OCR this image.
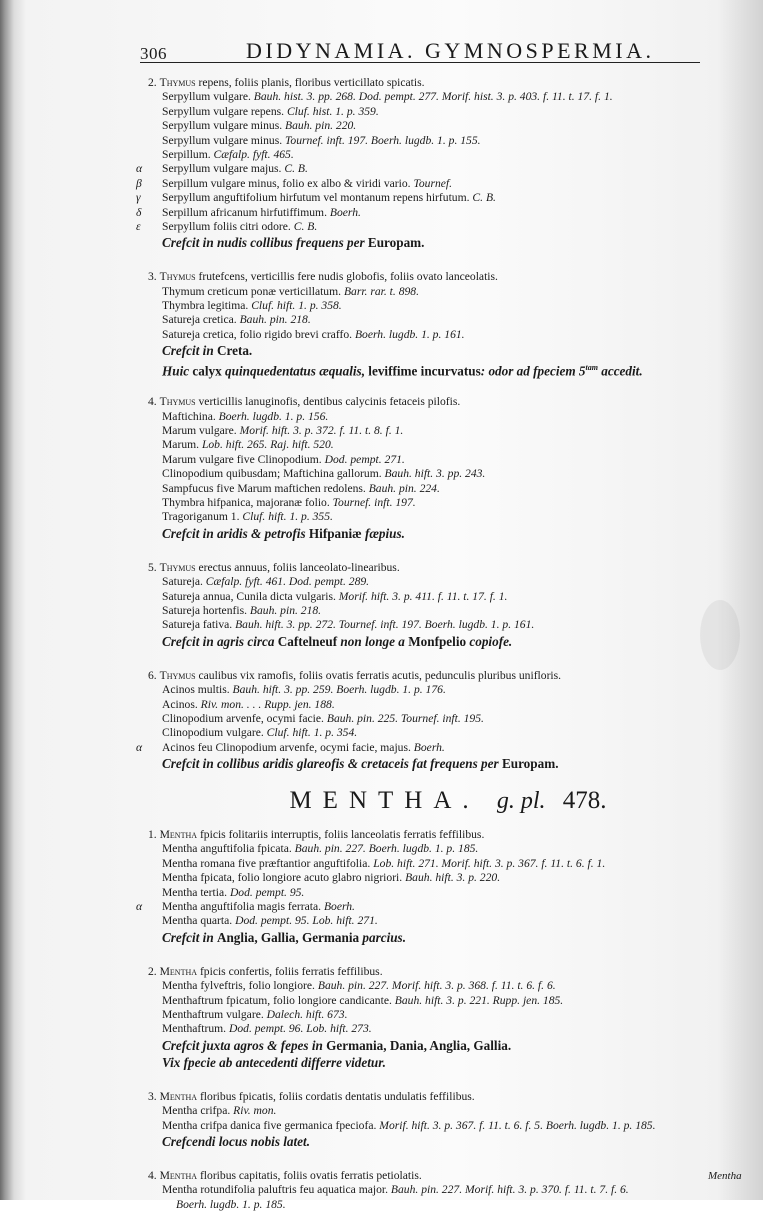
306	DIDYNAMIA. GYMNOSPERMIA.
2. Thymus repens, foliis planis, floribus verticillato spicatis.
Serpyllum vulgare. Bauh. hist. 3. pp. 268. Dod. pempt. 277. Morif. hist. 3. p. 403. f. 11. t. 17. f. 1.
Serpyllum vulgare repens. Cluf. hist. 1. p. 359.
Serpyllum vulgare minus. Bauh. pin. 220.
Serpyllum vulgare minus. Tournef. inft. 197. Boerh. lugdb. 1. p. 155.
Serpillum. Cæfalp. fyft. 465.
α Serpyllum vulgare majus. C. B.
β Serpillum vulgare minus, folio ex albo & viridi vario. Tournef.
γ Serpyllum anguftifolium hirfutum vel montanum repens hirfutum. C. B.
δ Serpillum africanum hirfutiffimum. Boerh.
ε Serpyllum foliis citri odore. C. B.
Crefcit in nudis collibus frequens per Europam.
3. Thymus frutefcens, verticillis fere nudis globofis, foliis ovato lanceolatis.
Thymum creticum ponæ verticillatum. Barr. rar. t. 898.
Thymbra legitima. Cluf. hift. 1. p. 358.
Satureja cretica. Bauh. pin. 218.
Satureja cretica, folio rigido brevi craffo. Boerh. lugdb. 1. p. 161.
Crefcit in Creta.
Huic calyx quinquedentatus æqualis, leviffime incurvatus: odor ad fpeciem $5^{tam}$ accedit.
4. Thymus verticillis lanuginofis, dentibus calycinis fetaceis pilofis.
Maftichina. Boerh. lugdb. 1. p. 156.
Marum vulgare. Morif. hift. 3. p. 372. f. 11. t. 8. f. 1.
Marum. Lob. hift. 265. Raj. hift. 520.
Marum vulgare five Clinopodium. Dod. pempt. 271.
Clinopodium quibusdam; Maftichina gallorum. Bauh. hift. 3. pp. 243.
Sampfucus five Marum maftichen redolens. Bauh. pin. 224.
Thymbra hifpanica, majoranæ folio. Tournef. inft. 197.
Tragoriganum 1. Cluf. hift. 1. p. 355.
Crefcit in aridis & petrofis Hifpaniæ fæpius.
5. Thymus erectus annuus, foliis lanceolato-linearibus.
Satureja. Cæfalp. fyft. 461. Dod. pempt. 289.
Satureja annua, Cunila dicta vulgaris. Morif. hift. 3. p. 411. f. 11. t. 17. f. 1.
Satureja hortenfis. Bauh. pin. 218.
Satureja fativa. Bauh. hift. 3. pp. 272. Tournef. inft. 197. Boerh. lugdb. 1. p. 161.
Crefcit in agris circa Caftelneuf non longe a Monfpelio copiofe.
6. Thymus caulibus vix ramofis, foliis ovatis ferratis acutis, pedunculis pluribus unifloris.
Acinos multis. Bauh. hift. 3. pp. 259. Boerh. lugdb. 1. p. 176.
Acinos. Riv. mon. . . . Rupp. jen. 188.
Clinopodium arvenfe, ocymi facie. Bauh. pin. 225. Tournef. inft. 195.
Clinopodium vulgare. Cluf. hift. 1. p. 354.
α Acinos feu Clinopodium arvenfe, ocymi facie, majus. Boerh.
Crefcit in collibus aridis glareofis & cretaceis fat frequens per Europam.
MENTHA. g. pl. 478.
1. Mentha fpicis folitariis interruptis, foliis lanceolatis ferratis feffilibus.
Mentha anguftifolia fpicata. Bauh. pin. 227. Boerh. lugdb. 1. p. 185.
Mentha romana five præftantior anguftifolia. Lob. hift. 271. Morif. hift. 3. p. 367. f. 11. t. 6. f. 1.
Mentha fpicata, folio longiore acuto glabro nigriori. Bauh. hift. 3. p. 220.
Mentha tertia. Dod. pempt. 95.
α Mentha anguftifolia magis ferrata. Boerh.
Mentha quarta. Dod. pempt. 95. Lob. hift. 271.
Crefcit in Anglia, Gallia, Germania parcius.
2. Mentha fpicis confertis, foliis ferratis feffilibus.
Mentha fylveftris, folio longiore. Bauh. pin. 227. Morif. hift. 3. p. 368. f. 11. t. 6. f. 6.
Menthaftrum fpicatum, folio longiore candicante. Bauh. hift. 3. p. 221. Rupp. jen. 185.
Menthaftrum vulgare. Dalech. hift. 673.
Menthaftrum. Dod. pempt. 96. Lob. hift. 273.
Crefcit juxta agros & fepes in Germania, Dania, Anglia, Gallia.
Vix fpecie ab antecedenti differre videtur.
3. Mentha floribus fpicatis, foliis cordatis dentatis undulatis feffilibus.
Mentha crifpa. Riv. mon.
Mentha crifpa danica five germanica fpeciofa. Morif. hift. 3. p. 367. f. 11. t. 6. f. 5. Boerh. lugdb. 1. p. 185.
Crefcendi locus nobis latet.
4. Mentha floribus capitatis, foliis ovatis ferratis petiolatis.
Mentha rotundifolia paluftris feu aquatica major. Bauh. pin. 227. Morif. hift. 3. p. 370. f. 11. t. 7. f. 6.
Boerh. lugdb. 1. p. 185.
Mentha
